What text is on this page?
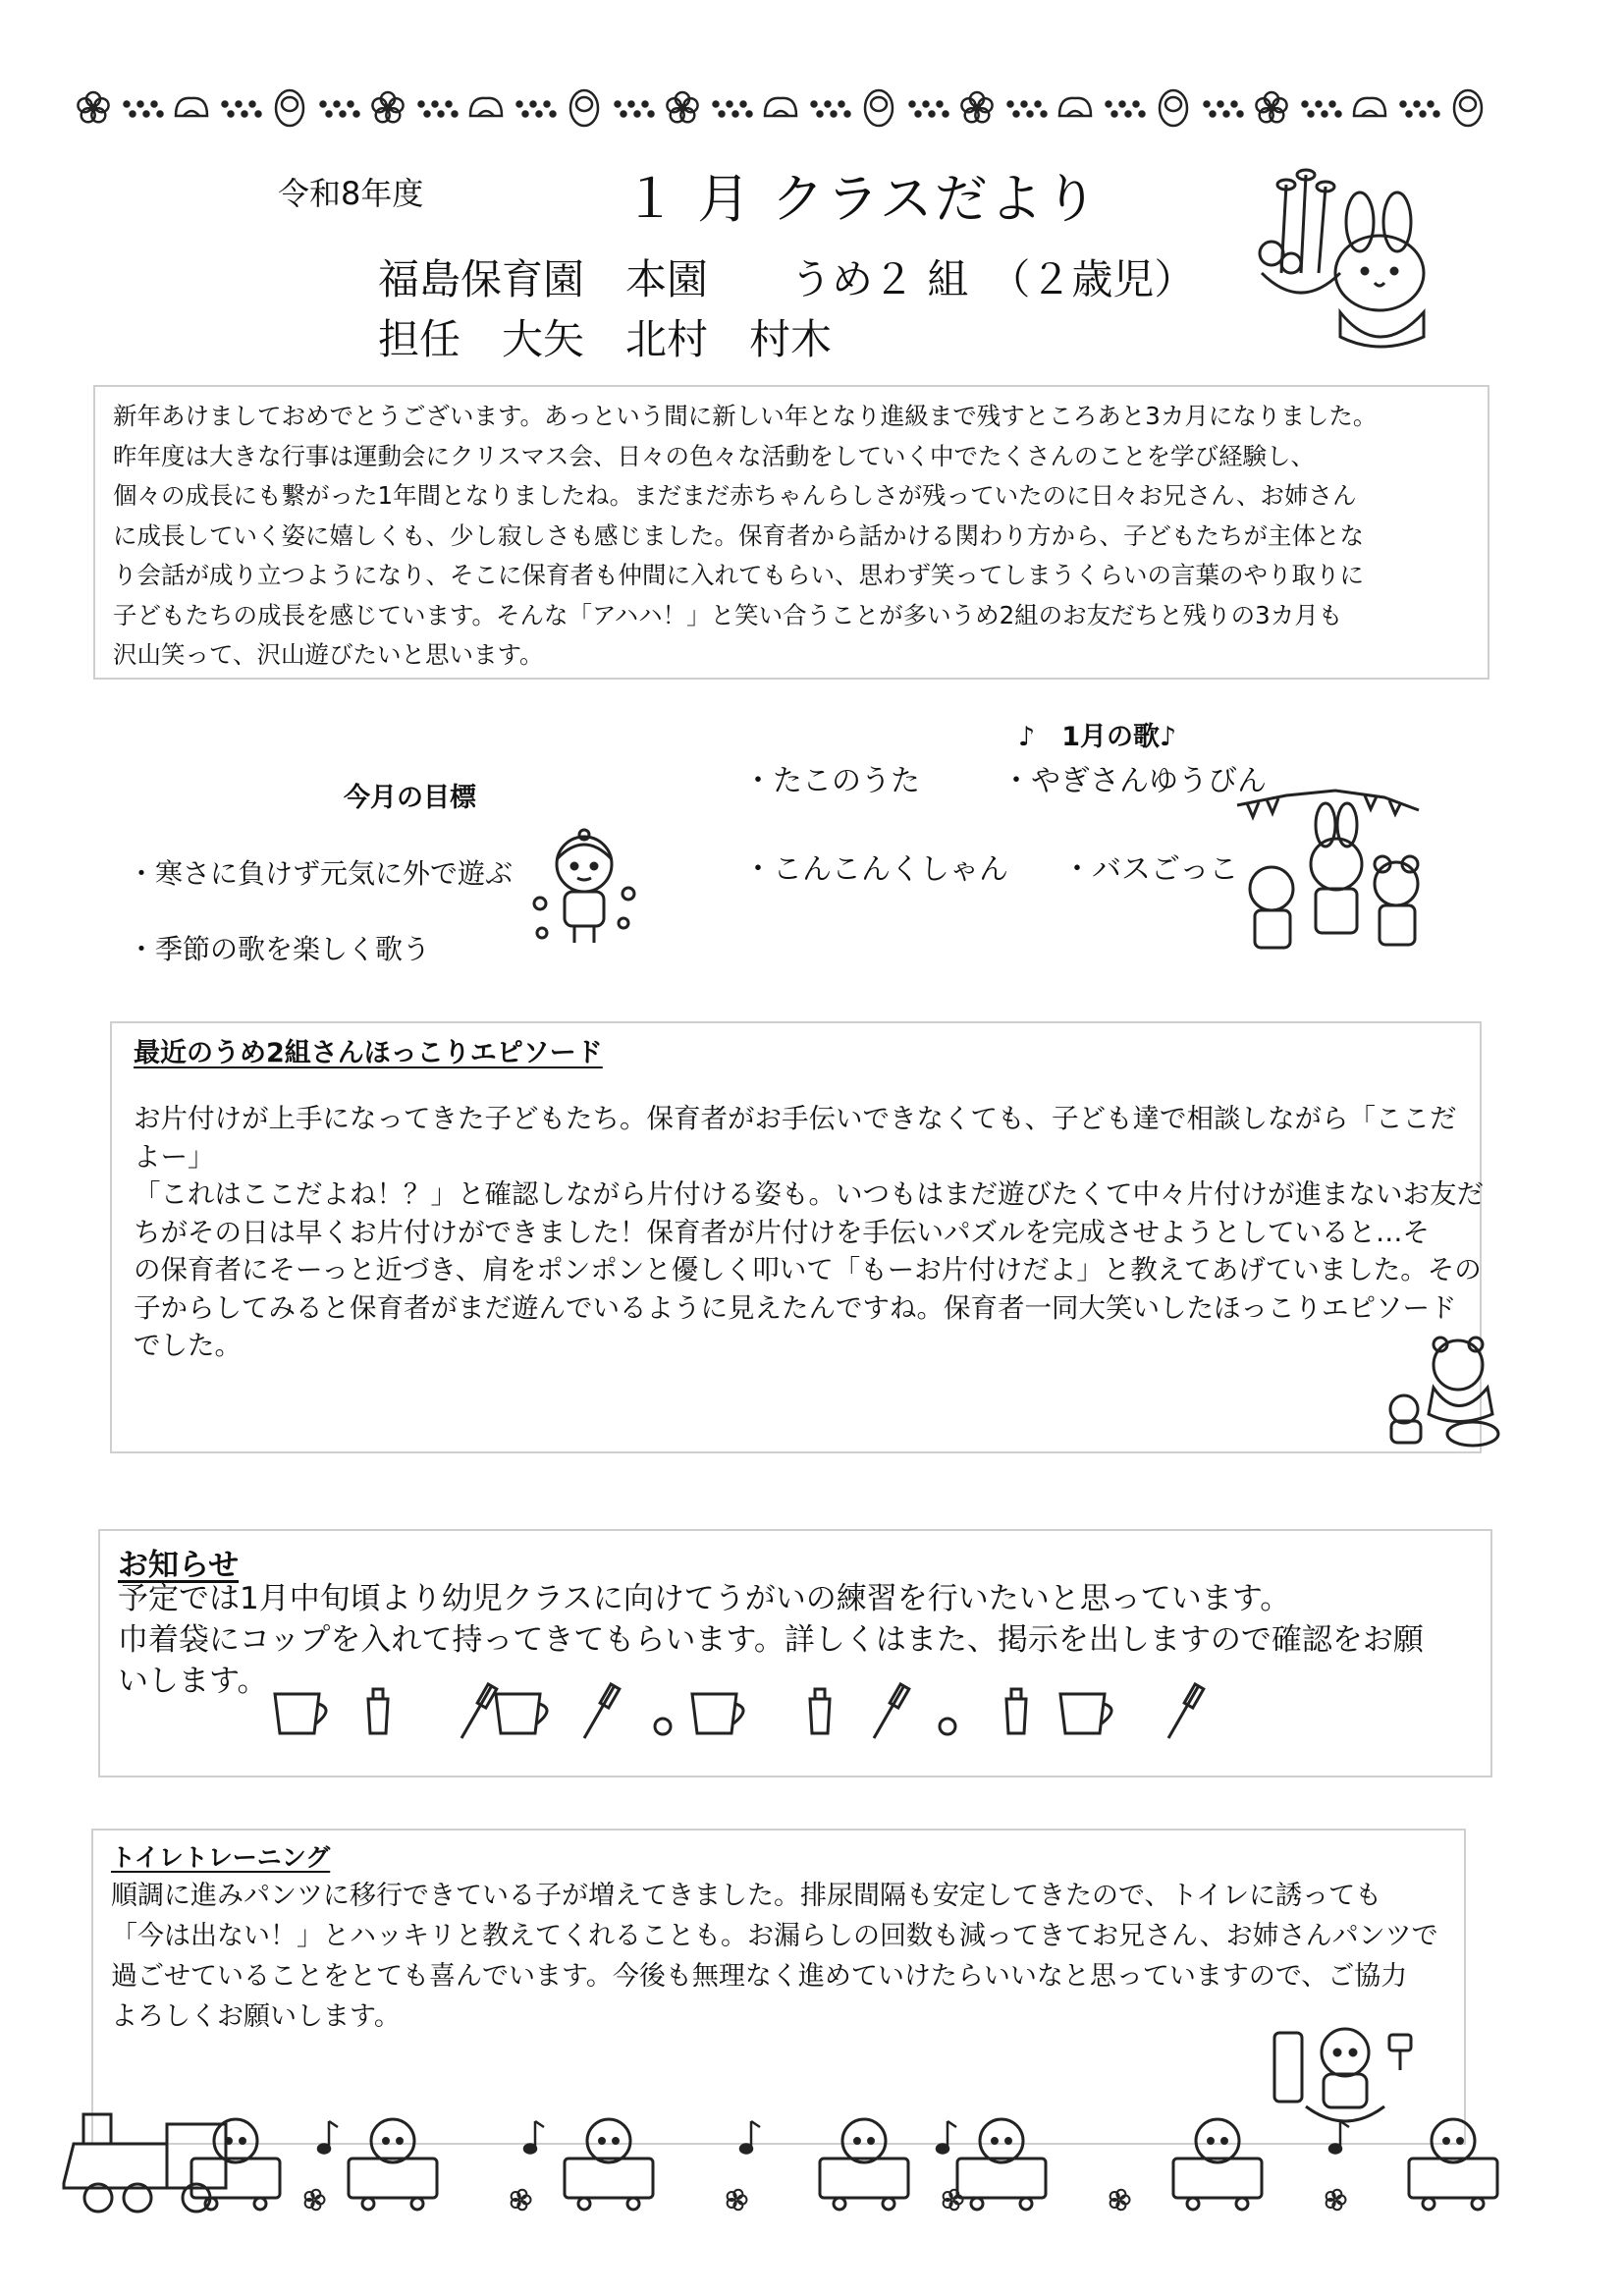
令和8年度	１ 月 クラスだより
福島保育園　本園　　うめ２ 組　（２歳児）
担任　大矢　北村　村木
新年あけましておめでとうございます。あっという間に新しい年となり進級まで残すところあと3カ月になりました。
昨年度は大きな行事は運動会にクリスマス会、日々の色々な活動をしていく中でたくさんのことを学び経験し、
個々の成長にも繋がった1年間となりましたね。まだまだ赤ちゃんらしさが残っていたのに日々お兄さん、お姉さん
に成長していく姿に嬉しくも、少し寂しさも感じました。保育者から話かける関わり方から、子どもたちが主体とな
り会話が成り立つようになり、そこに保育者も仲間に入れてもらい、思わず笑ってしまうくらいの言葉のやり取りに
子どもたちの成長を感じています。そんな「アハハ！」と笑い合うことが多いうめ2組のお友だちと残りの3カ月も
沢山笑って、沢山遊びたいと思います。
今月の目標
・寒さに負けず元気に外で遊ぶ
・季節の歌を楽しく歌う
♪　1月の歌♪
・たこのうた	・やぎさんゆうびん
・こんこんくしゃん ・バスごっこ
最近のうめ2組さんほっこりエピソード
お片付けが上手になってきた子どもたち。保育者がお手伝いできなくても、子ども達で相談しながら「ここだ
よー」
「これはここだよね！？」と確認しながら片付ける姿も。いつもはまだ遊びたくて中々片付けが進まないお友だ
ちがその日は早くお片付けができました！保育者が片付けを手伝いパズルを完成させようとしていると…そ
の保育者にそーっと近づき、肩をポンポンと優しく叩いて「もーお片付けだよ」と教えてあげていました。その
子からしてみると保育者がまだ遊んでいるように見えたんですね。保育者一同大笑いしたほっこりエピソード
でした。
お知らせ
予定では1月中旬頃より幼児クラスに向けてうがいの練習を行いたいと思っています。
巾着袋にコップを入れて持ってきてもらいます。詳しくはまた、掲示を出しますので確認をお願
いします。
トイレトレーニング
順調に進みパンツに移行できている子が増えてきました。排尿間隔も安定してきたので、トイレに誘っても
「今は出ない！」とハッキリと教えてくれることも。お漏らしの回数も減ってきてお兄さん、お姉さんパンツで
過ごせていることをとても喜んでいます。今後も無理なく進めていけたらいいなと思っていますので、ご協力
よろしくお願いします。
